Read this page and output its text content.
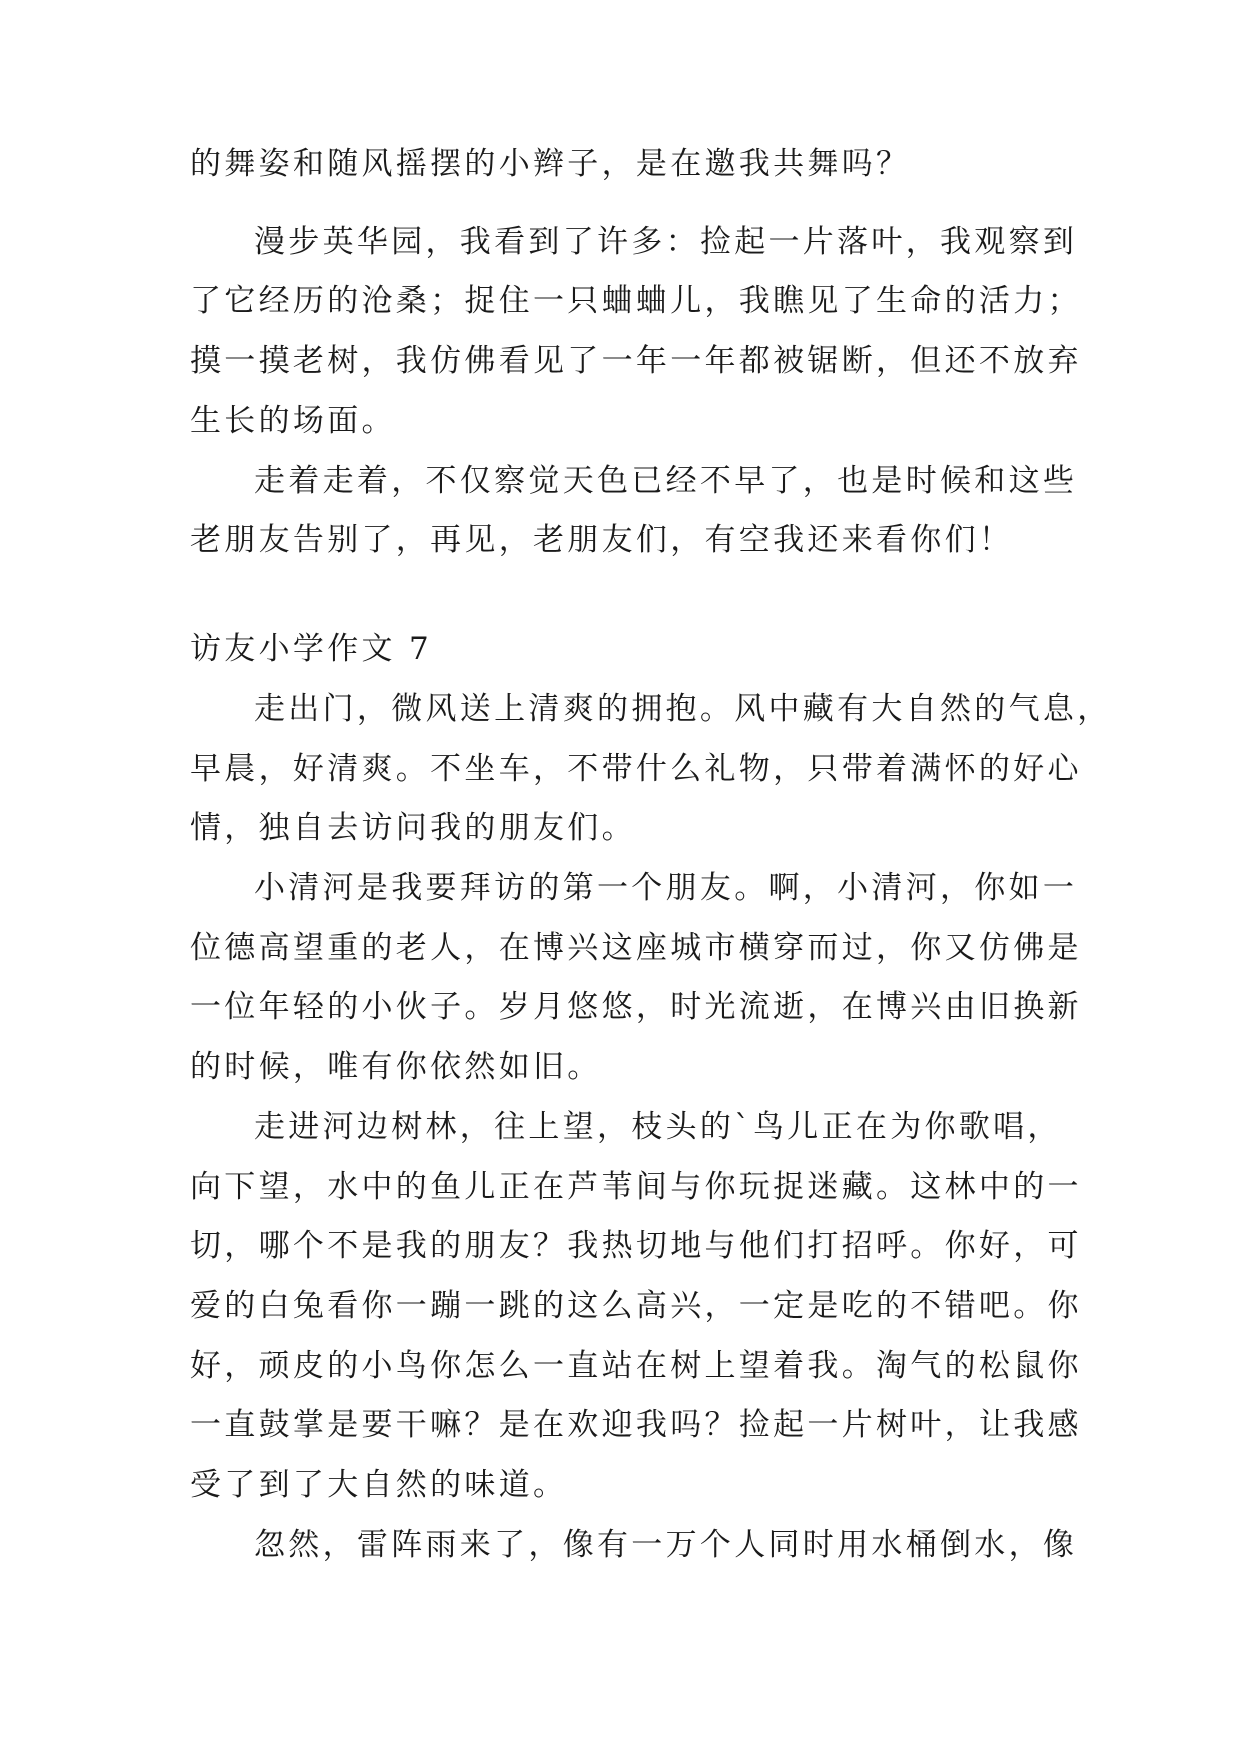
的舞姿和随风摇摆的小辫子，是在邀我共舞吗？
漫步英华园，我看到了许多：捡起一片落叶，我观察到
了它经历的沧桑；捉住一只蛐蛐儿，我瞧见了生命的活力；
摸一摸老树，我仿佛看见了一年一年都被锯断，但还不放弃
生长的场面。
走着走着，不仅察觉天色已经不早了，也是时候和这些
老朋友告别了，再见，老朋友们，有空我还来看你们！
访友小学作文 7
走出门，微风送上清爽的拥抱。风中藏有大自然的气息，
早晨，好清爽。不坐车，不带什么礼物，只带着满怀的好心
情，独自去访问我的朋友们。
小清河是我要拜访的第一个朋友。啊，小清河，你如一
位德高望重的老人，在博兴这座城市横穿而过，你又仿佛是
一位年轻的小伙子。岁月悠悠，时光流逝，在博兴由旧换新
的时候，唯有你依然如旧。
走进河边树林，往上望，枝头的`鸟儿正在为你歌唱，
向下望，水中的鱼儿正在芦苇间与你玩捉迷藏。这林中的一
切，哪个不是我的朋友？我热切地与他们打招呼。你好，可
爱的白兔看你一蹦一跳的这么高兴，一定是吃的不错吧。你
好，顽皮的小鸟你怎么一直站在树上望着我。淘气的松鼠你
一直鼓掌是要干嘛？是在欢迎我吗？捡起一片树叶，让我感
受了到了大自然的味道。
忽然，雷阵雨来了，像有一万个人同时用水桶倒水，像
